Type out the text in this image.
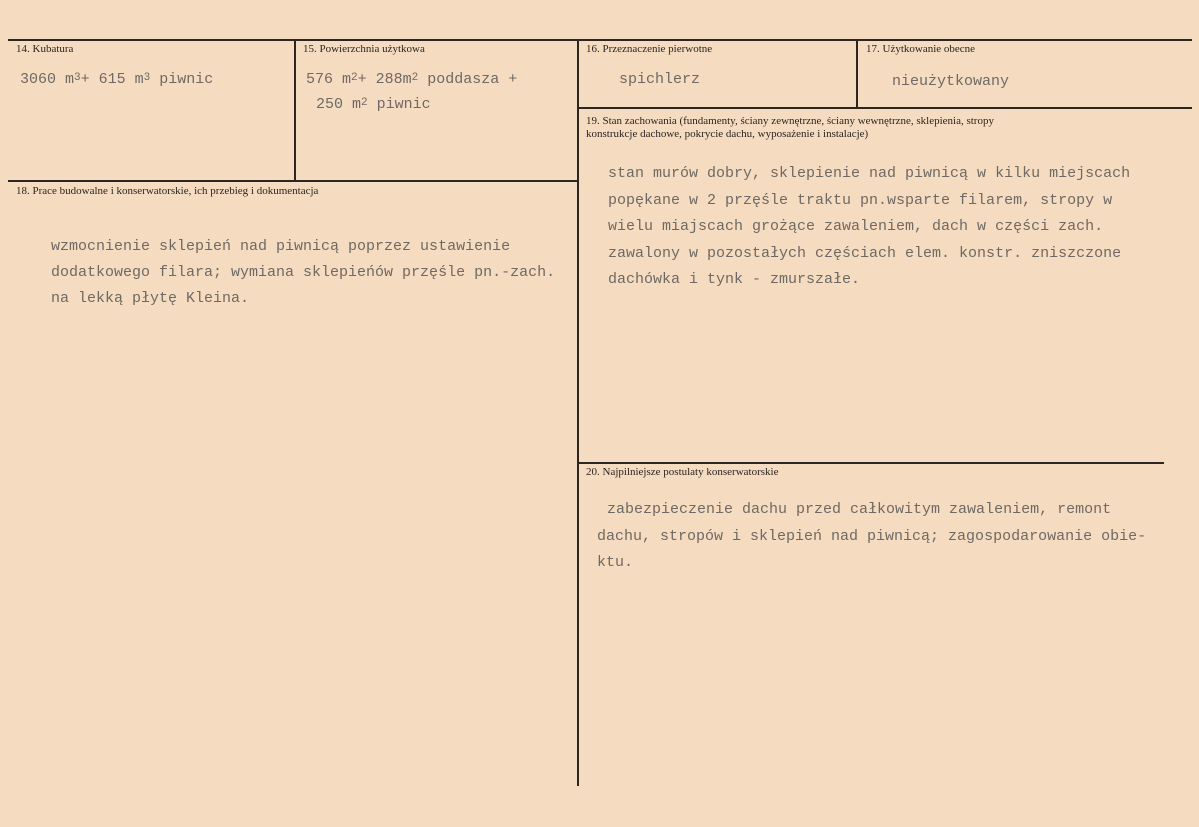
14. Kubatura
3060 $m^3+ 615$ $m^3$ piwnic
15. Powierzchnia użytkowa
576 $m^2+ 288m^2$ poddasza +
250 $m^2$ piwnic
16. Przeznaczenie pierwotne
spichlerz
17. Użytkowanie obecne
nieużytkowany
18. Prace budowalne i konserwatorskie, ich przebieg i dokumentacja
wzmocnienie sklepień nad piwnicą poprzez ustawienie
dodatkowego filara; wymiana sklepieńów przęśle pn.-zach.
na lekką płytę Kleina.
19. Stan zachowania (fundamenty, ściany zewnętrzne, ściany wewnętrzne, sklepienia, stropy
konstrukcje dachowe, pokrycie dachu, wyposażenie i instalacje)
stan murów dobry, sklepienie nad piwnicą w kilku miejscach
popękane w 2 przęśle traktu pn.wsparte filarem, stropy w
wielu miajscach grożące zawaleniem, dach w części zach.
zawalony w pozostałych częściach elem. konstr. zniszczone
dachówka i tynk - zmurszałe.
20. Najpilniejsze postulaty konserwatorskie
zabezpieczenie dachu przed całkowitym zawaleniem, remont
dachu, stropów i sklepień nad piwnicą; zagospodarowanie obie-
ktu.
